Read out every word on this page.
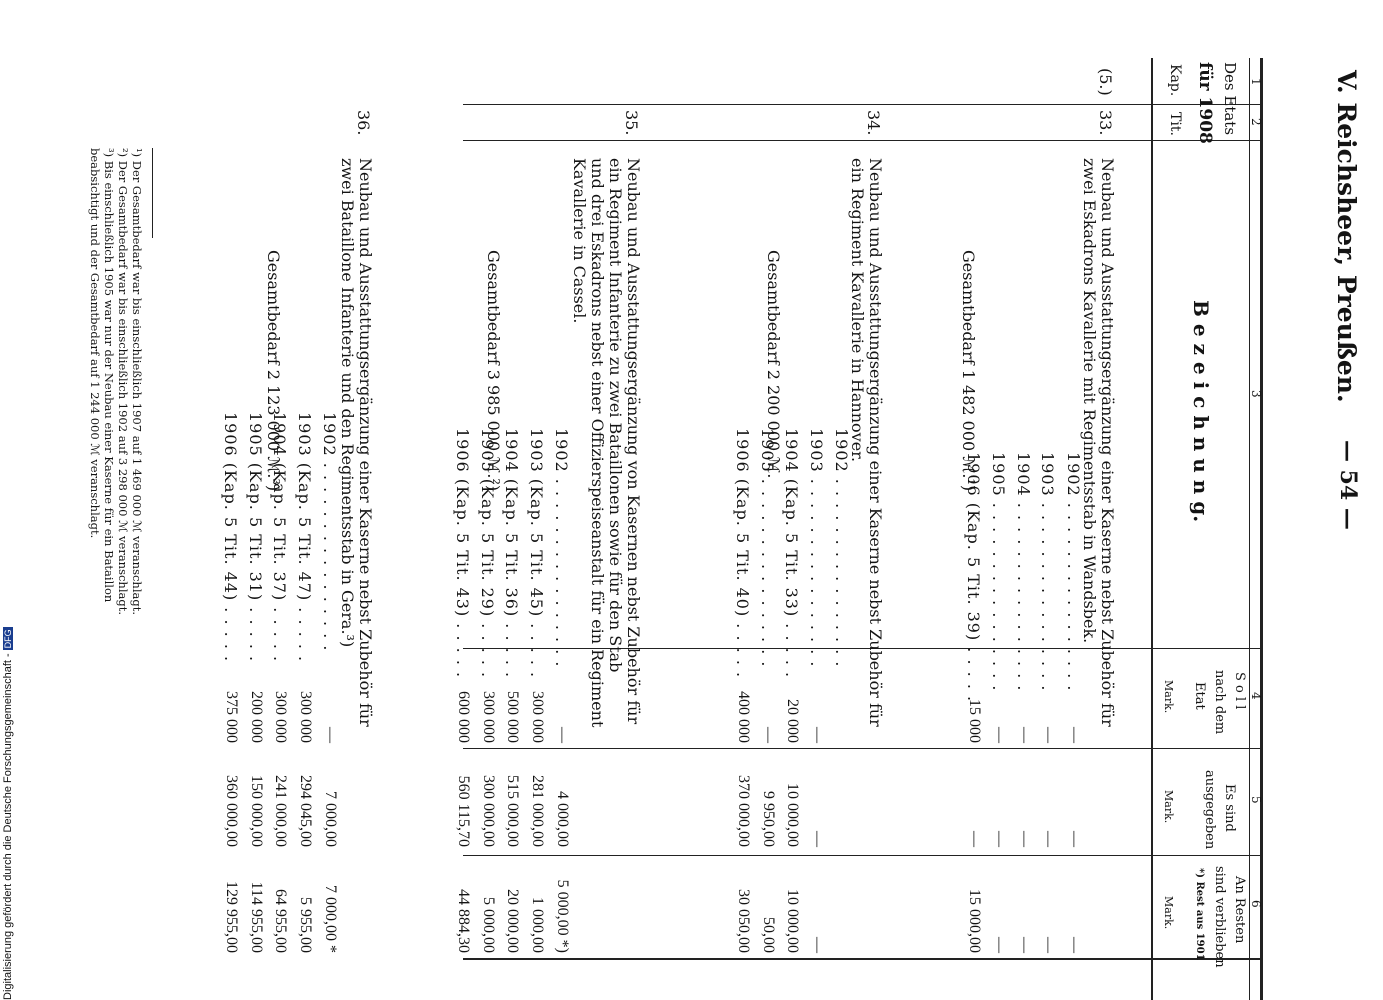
V. Reichsheer, Preußen.
— 54 —
1
2
3
4
5
6
Des Etats
für 1908
Kap.
Tit.
B e z e i c h n u n g.
S o l l
nach dem
Etat
Mark.
Es sind
ausgegeben
Mark.
An Resten
sind verblieben
*) Rest aus 1901
Mark.
(5.)
33.
Neubau und Ausstattungsergänzung einer Kaserne nebst Zubehör für
zwei Eskadrons Kavallerie mit Regimentsstab in Wandsbek.
Gesamtbedarf 1 482 000 ℳ.¹)
1902 . . . . . . . . . . . . . . . .
1903 . . . . . . . . . . . . . . . .
1904 . . . . . . . . . . . . . . . .
1905 . . . . . . . . . . . . . . . .
1906 (Kap. 5 Tit. 39) . . . . .
—
—
—
—
15 000
—
—
—
—
—
—
—
—
—
15 000,00
34.
Neubau und Ausstattungsergänzung einer Kaserne nebst Zubehör für
ein Regiment Kavallerie in Hannover.
Gesamtbedarf 2 200 000 ℳ.
1902 . . . . . . . . . . . . . . . .
1903 . . . . . . . . . . . . . . . .
1904 (Kap. 5 Tit. 33) . . . . .
1905 . . . . . . . . . . . . . . . .
1906 (Kap. 5 Tit. 40) . . . . .
—
20 000
—
400 000
—
10 000,00
9 950,00
370 000,00
—
10 000,00
50,00
30 050,00
35.
Neubau und Ausstattungsergänzung von Kasernen nebst Zubehör für
ein Regiment Infanterie zu zwei Bataillonen sowie für den Stab
und drei Eskadrons nebst einer Offizierspeiseanstalt für ein Regiment
Kavallerie in Cassel.
Gesamtbedarf 3 985 000 ℳ.²)
1902 . . . . . . . . . . . . . . . .
1903 (Kap. 5 Tit. 45) . . . . .
1904 (Kap. 5 Tit. 36) . . . . .
1905 (Kap. 5 Tit. 29) . . . . .
1906 (Kap. 5 Tit. 43) . . . . .
—
300 000
500 000
300 000
600 000
4 000,00
281 000,00
515 000,00
300 000,00
560 115,70
5 000,00 *)
1 000,00
20 000,00
5 000,00
44 884,30
36.
Neubau und Ausstattungsergänzung einer Kaserne nebst Zubehör für
zwei Bataillone Infanterie und den Regimentsstab in Gera.³)
Gesamtbedarf 2 123 000 ℳ.³)
1902 . . . . . . . . . . . . . . . .
1903 (Kap. 5 Tit. 47) . . . . .
1904 (Kap. 5 Tit. 37) . . . . .
1905 (Kap. 5 Tit. 31) . . . . .
1906 (Kap. 5 Tit. 44) . . . . .
—
300 000
300 000
200 000
375 000
7 000,00
294 045,00
241 000,00
150 000,00
360 000,00
7 000,00 *
5 955,00
64 955,00
114 955,00
129 955,00
¹) Der Gesamtbedarf war bis einschließlich 1907 auf 1 469 000 ℳ veranschlagt.
²) Der Gesamtbedarf war bis einschließlich 1902 auf 3 298 000 ℳ veranschlagt.
³) Bis einschließlich 1905 war nur der Neubau einer Kaserne für ein Bataillon
beabsichtigt und der Gesamtbedarf auf 1 244 000 ℳ veranschlagt.
Digitalisierung gefördert durch die Deutsche Forschungsgemeinschaft -DFG
